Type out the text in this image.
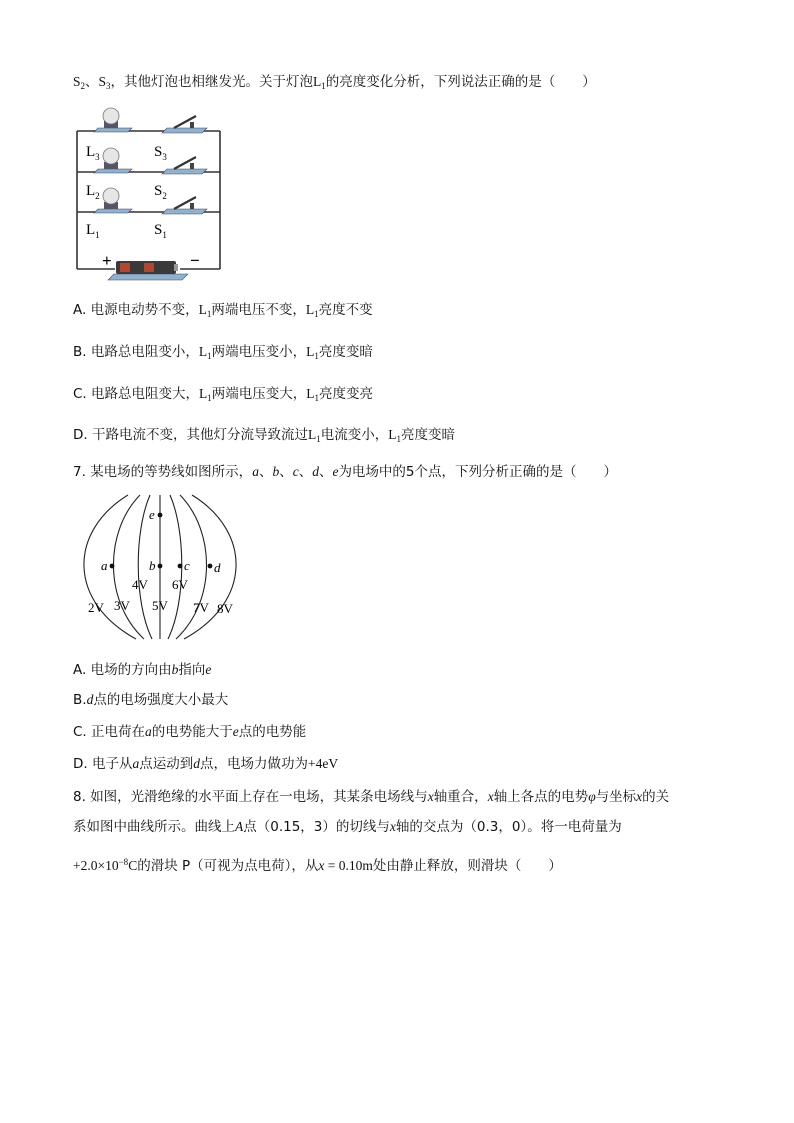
$S_2$、$S_3$，其他灯泡也相继发光。关于灯泡$L_1$的亮度变化分析，下列说法正确的是（　　）
$L_3$	$S_3$
$L_2$	$S_2$
$L_1$	$S_1$
+	−
A. 电源电动势不变，$L_1$两端电压不变，$L_1$亮度不变
B. 电路总电阻变小，$L_1$两端电压变小，$L_1$亮度变暗
C. 电路总电阻变大，$L_1$两端电压变大，$L_1$亮度变亮
D. 干路电流不变，其他灯分流导致流过$L_1$电流变小，$L_1$亮度变暗
7. 某电场的等势线如图所示，a、b、c、d、e为电场中的5个点，下列分析正确的是（　　）
a	b c d
e
2V 3V
4V
5V
6V
7V 8V
A. 电场的方向由b指向e
B.d点的电场强度大小最大
C. 正电荷在a的电势能大于e点的电势能
D. 电子从a点运动到d点，电场力做功为+4eV
8. 如图，光滑绝缘的水平面上存在一电场，其某条电场线与x轴重合，x轴上各点的电势φ与坐标x的关
系如图中曲线所示。曲线上A点（0.15，3）的切线与x轴的交点为（0.3，0）。将一电荷量为
$+2.0\times 10^{-8}C$的滑块 P（可视为点电荷），从x = 0.10m处由静止释放，则滑块（　　）
